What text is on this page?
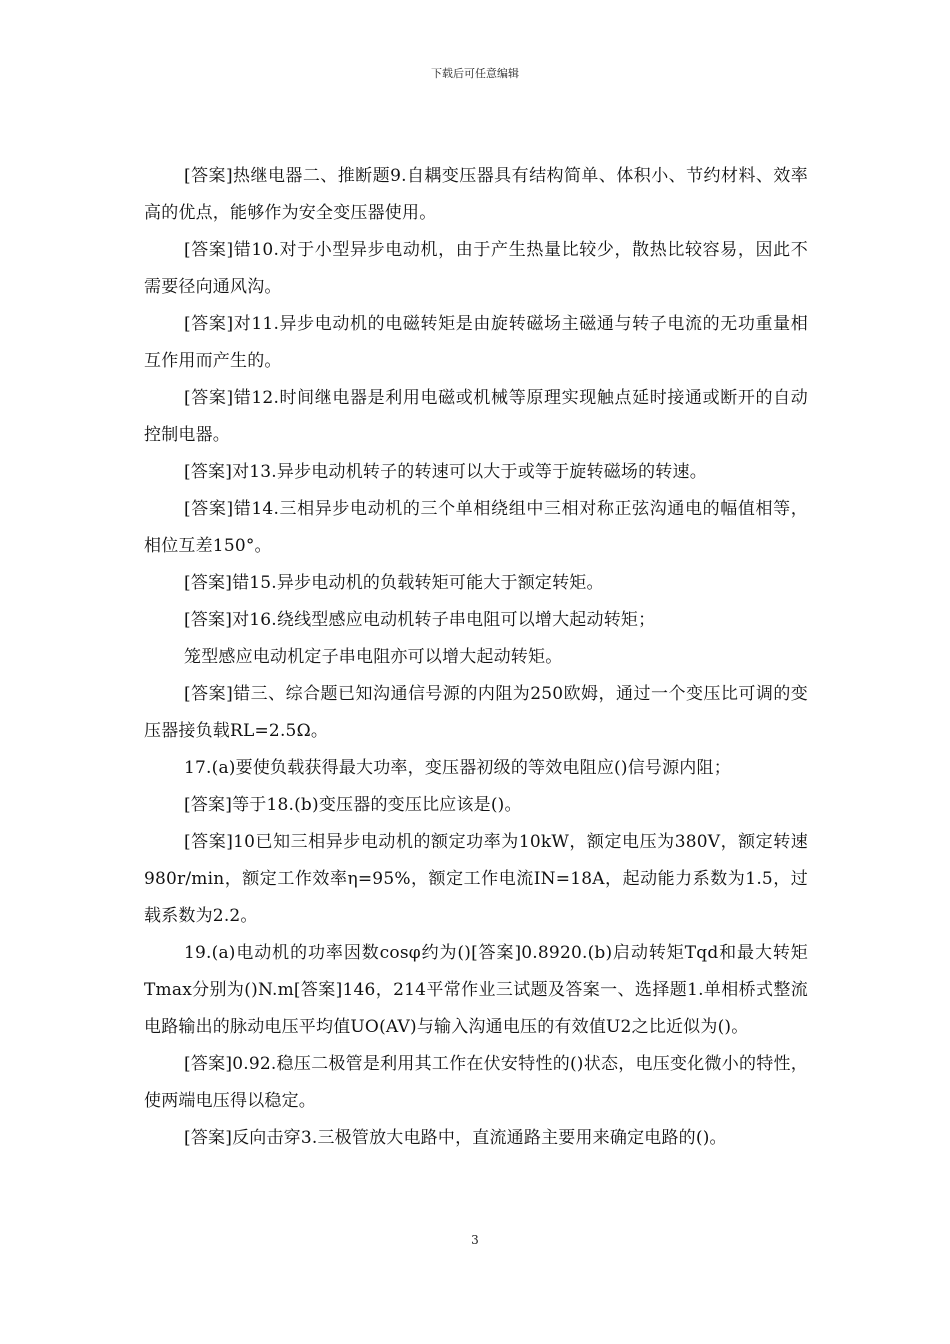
下载后可任意编辑

[答案]热继电器二、推断题9.自耦变压器具有结构简单、体积小、节约材料、效率高的优点，能够作为安全变压器使用。

[答案]错10.对于小型异步电动机，由于产生热量比较少，散热比较容易，因此不需要径向通风沟。

[答案]对11.异步电动机的电磁转矩是由旋转磁场主磁通与转子电流的无功重量相互作用而产生的。

[答案]错12.时间继电器是利用电磁或机械等原理实现触点延时接通或断开的自动控制电器。

[答案]对13.异步电动机转子的转速可以大于或等于旋转磁场的转速。

[答案]错14.三相异步电动机的三个单相绕组中三相对称正弦沟通电的幅值相等，相位互差150°。

[答案]错15.异步电动机的负载转矩可能大于额定转矩。

[答案]对16.绕线型感应电动机转子串电阻可以增大起动转矩；

笼型感应电动机定子串电阻亦可以增大起动转矩。

[答案]错三、综合题已知沟通信号源的内阻为250欧姆，通过一个变压比可调的变压器接负载RL=2.5Ω。

17.(a)要使负载获得最大功率，变压器初级的等效电阻应()信号源内阻；

[答案]等于18.(b)变压器的变压比应该是()。

[答案]10已知三相异步电动机的额定功率为10kW，额定电压为380V，额定转速980r/min，额定工作效率η=95%，额定工作电流IN=18A，起动能力系数为1.5，过载系数为2.2。

19.(a)电动机的功率因数cosφ约为()[答案]0.8920.(b)启动转矩Tqd和最大转矩Tmax分别为()N.m[答案]146，214平常作业三试题及答案一、选择题1.单相桥式整流电路输出的脉动电压平均值UO(AV)与输入沟通电压的有效值U2之比近似为()。

[答案]0.92.稳压二极管是利用其工作在伏安特性的()状态，电压变化微小的特性，使两端电压得以稳定。

[答案]反向击穿3.三极管放大电路中，直流通路主要用来确定电路的()。

3
